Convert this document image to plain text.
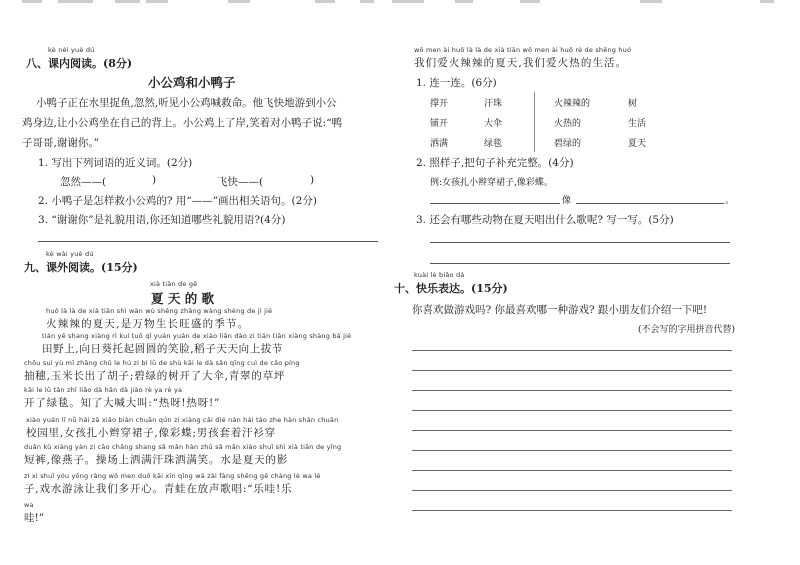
kè nèi yuè dú
八、课内阅读。(8分)
小公鸡和小鸭子
小鸭子正在水里捉鱼,忽然,听见小公鸡喊救命。他飞快地游到小公
鸡身边,让小公鸡坐在自己的背上。小公鸡上了岸,笑着对小鸭子说:“鸭
子哥哥,谢谢你。”
1. 写出下列词语的近义词。(2分)
忽然——(	)	飞快——(	)
2. 小鸭子是怎样救小公鸡的? 用“——”画出相关语句。(2分)
3. “谢谢你”是礼貌用语,你还知道哪些礼貌用语?(4分)
kè wài yuè dú
九、课外阅读。(15分)
xià tiān de gē
夏 天 的 歌
huǒ là là de xià tiān shì wàn wù shēng zhǎng wàng shèng de jì jié
火辣辣的夏天,是万物生长旺盛的季节。
tián yě shang xiàng rì kuí tuō qǐ yuán yuán de xiào liǎn dào zi tiān tiān xiàng shàng bá jié
田野上,向日葵托起圆圆的笑脸,稻子天天向上拔节
chōu suì yù mǐ zhǎng chū le hú zi bì lǜ de shù kāi le dà sǎn qīng cuì de cǎo píng
抽穗,玉米长出了胡子;碧绿的树开了大伞,青翠的草坪
kāi le lǜ tǎn zhī liǎo dà hǎn dà jiào rè ya rè ya
开了绿毯。知了大喊大叫:“热呀!热呀!”
xiào yuán lǐ nǚ hái zā xiǎo biàn chuān qún zi xiàng cǎi dié nán hái tào zhe hàn shān chuān
校园里,女孩扎小辫穿裙子,像彩蝶;男孩套着汗衫穿
duǎn kù xiàng yàn zi cāo chǎng shang sǎ mǎn hàn zhū sǎ mǎn xiào shuǐ shì xià tiān de yǐng
短裤,像燕子。操场上洒满汗珠洒满笑。水是夏天的影
zi xì shuǐ yóu yǒng ràng wǒ men duō kāi xīn qīng wā zài fàng shēng gē chàng lè wa lè
子,戏水游泳让我们多开心。青蛙在放声歌唱:“乐哇!乐
wa
哇!”
wǒ men ài huǒ là là de xià tiān wǒ men ài huǒ rè de shēng huó
我们爱火辣辣的夏天,我们爱火热的生活。
1. 连一连。(6分)
撑开	汗珠
铺开	大伞
洒满	绿毯
火辣辣的	树
火热的	生活
碧绿的	夏天
2. 照样子,把句子补充完整。(4分)
例:女孩扎小辫穿裙子,像彩蝶。
像	。
3. 还会有哪些动物在夏天唱出什么歌呢? 写一写。(5分)
kuài lè biǎo dá
十、快乐表达。(15分)
你喜欢做游戏吗? 你最喜欢哪一种游戏? 跟小朋友们介绍一下吧!
(不会写的字用拼音代替)
